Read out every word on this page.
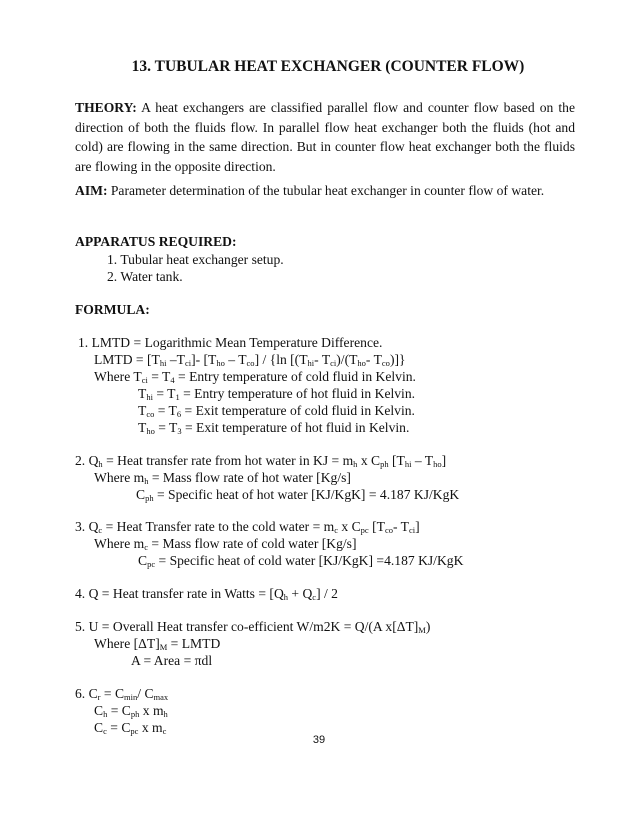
13. TUBULAR HEAT EXCHANGER (COUNTER FLOW)
THEORY: A heat exchangers are classified parallel flow and counter flow based on the direction of both the fluids flow. In parallel flow heat exchanger both the fluids (hot and cold) are flowing in the same direction. But in counter flow heat exchanger both the fluids are flowing in the opposite direction.
AIM: Parameter determination of the tubular heat exchanger in counter flow of water.
APPARATUS REQUIRED:
1. Tubular heat exchanger setup.
2. Water tank.
FORMULA:
1. LMTD = Logarithmic Mean Temperature Difference.
LMTD = [$T_{hi}$ $-T_{ci}]-$ $[T_{ho} - T_{co}] / \{\ln$ [($T_{hi}-$ $T_{ci})/(T_{ho}-$ $T_{co}$)]}
Where $T_{ci} = T_4$ = Entry temperature of cold fluid in Kelvin.
$T_{hi} = T_1$ = Entry temperature of hot fluid in Kelvin.
$T_{co} = T_6$ = Exit temperature of cold fluid in Kelvin.
$T_{ho} = T_3$ = Exit temperature of hot fluid in Kelvin.
2. $Q_h$ = Heat transfer rate from hot water in KJ = $m_h$ x $C_{ph}$ $[T_{hi} - T_{ho}]$
Where $m_h$ = Mass flow rate of hot water [Kg/s]
$C_{ph}$ = Specific heat of hot water [KJ/KgK] = 4.187 KJ/KgK
3. $Q_c$ = Heat Transfer rate to the cold water = $m_c$ x $C_{pc}$ [$T_{co}-$ $T_{ci}$]
Where $m_c$ = Mass flow rate of cold water [Kg/s]
$C_{pc}$ = Specific heat of cold water [KJ/KgK] =4.187 KJ/KgK
4. Q = Heat transfer rate in Watts = $[Q_h + Q_c] / 2$
5. U = Overall Heat transfer co-efficient W/m2K = Q/(A $x[\Delta T]_M$)
Where $[\Delta T]_M$ = LMTD
A = Area = πdl
6. $C_r = C_{min}/$ $C_{max}$
$C_h = C_{ph}$ x $m_h$
$C_c = C_{pc}$ x $m_c$
39
